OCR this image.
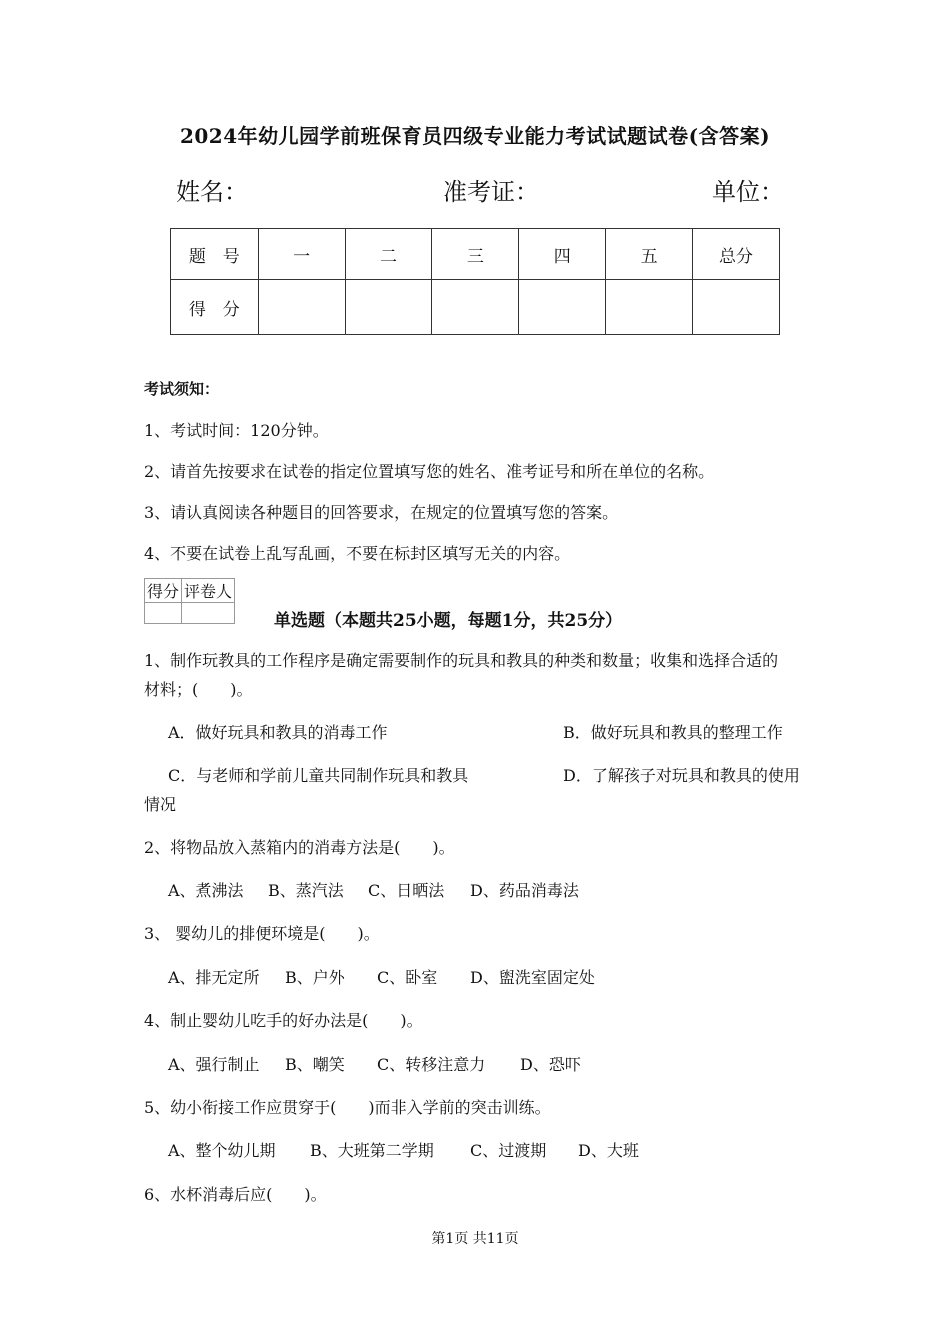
2024年幼儿园学前班保育员四级专业能力考试试题试卷(含答案)
姓名：	准考证：	单位：
题　号	一	二	三	四	五	总分
得　分						
考试须知：
1、考试时间：120分钟。
2、请首先按要求在试卷的指定位置填写您的姓名、准考证号和所在单位的名称。
3、请认真阅读各种题目的回答要求，在规定的位置填写您的答案。
4、不要在试卷上乱写乱画，不要在标封区填写无关的内容。
得分	评卷人

单选题（本题共25小题，每题1分，共25分）
1、制作玩教具的工作程序是确定需要制作的玩具和教具的种类和数量；收集和选择合适的
材料；(　　)。
A．做好玩具和教具的消毒工作	B．做好玩具和教具的整理工作
C．与老师和学前儿童共同制作玩具和教具	D．了解孩子对玩具和教具的使用
情况
2、将物品放入蒸箱内的消毒方法是(　　)。
A、煮沸法 B、蒸汽法 C、日晒法 D、药品消毒法
3、 婴幼儿的排便环境是(　　)。
A、排无定所 B、户外 C、卧室 D、盥洗室固定处
4、制止婴幼儿吃手的好办法是(　　)。
A、强行制止 B、嘲笑 C、转移注意力 D、恐吓
5、幼小衔接工作应贯穿于(　　)而非入学前的突击训练。
A、整个幼儿期 B、大班第二学期 C、过渡期 D、大班
6、水杯消毒后应(　　)。
第1页 共11页
